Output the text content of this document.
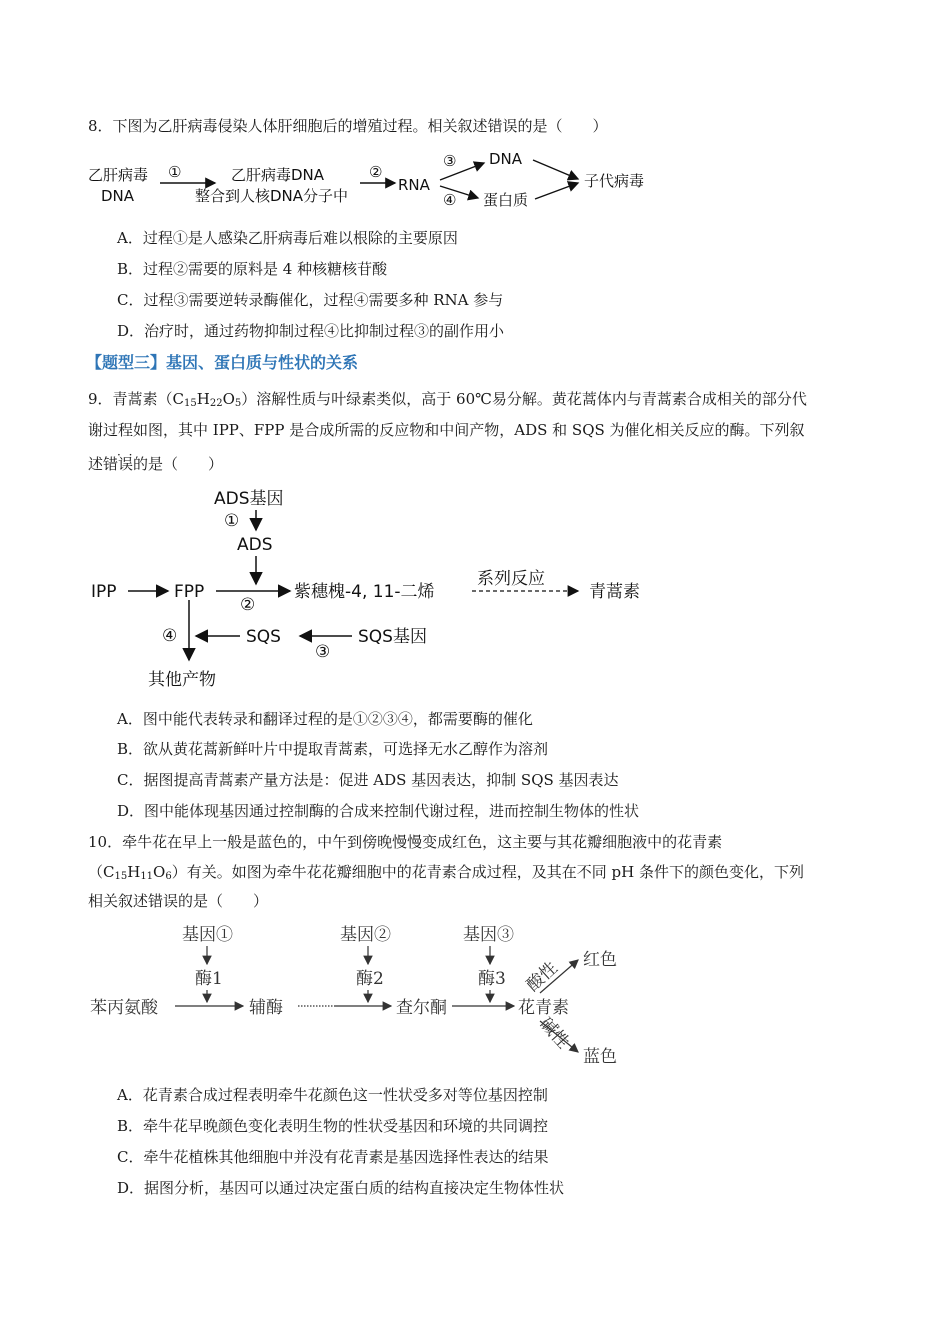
8．下图为乙肝病毒侵染人体肝细胞后的增殖过程。相关叙述错误的是（　　）
乙肝病毒
DNA
①	乙肝病毒DNA
整合到人核DNA分子中
②
RNA
③ DNA
④ 蛋白质
子代病毒
A．过程①是人感染乙肝病毒后难以根除的主要原因
B．过程②需要的原料是 4 种核糖核苷酸
C．过程③需要逆转录酶催化，过程④需要多种 RNA 参与
D．治疗时，通过药物抑制过程④比抑制过程③的副作用小
【题型三】基因、蛋白质与性状的关系
9．青蒿素$(C_{15}H_{22}O_5)$溶解性质与叶绿素类似，高于 60℃易分解。黄花蒿体内与青蒿素合成相关的部分代
谢过程如图，其中 IPP、FPP 是合成所需的反应物和中间产物，ADS 和 SQS 为催化相关反应的酶。下列叙
述错误 · ·的是（　　）
ADS基因
①
ADS
IPP	FPP
②
紫穗槐-4, 11-二烯
系列反应
青蒿素
④	SQS	SQS基因
③
其他产物
A．图中能代表转录和翻译过程的是①②③④，都需要酶的催化
B．欲从黄花蒿新鲜叶片中提取青蒿素，可选择无水乙醇作为溶剂
C．据图提高青蒿素产量方法是：促进 ADS 基因表达，抑制 SQS 基因表达
D．图中能体现基因通过控制酶的合成来控制代谢过程，进而控制生物体的性状
10．牵牛花在早上一般是蓝色的，中午到傍晚慢慢变成红色，这主要与其花瓣细胞液中的花青素
$(C_{15}H_{11}O_6)$有关。如图为牵牛花花瓣细胞中的花青素合成过程，及其在不同 pH 条件下的颜色变化，下列
相关叙述错误的是（　　）
基因①	基因②	基因③
酶1	酶2	酶3
苯丙氨酸	辅酶	查尔酮	花青素
酸性 红色
碱性
蓝色
A．花青素合成过程表明牵牛花颜色这一性状受多对等位基因控制
B．牵牛花早晚颜色变化表明生物的性状受基因和环境的共同调控
C．牵牛花植株其他细胞中并没有花青素是基因选择性表达的结果
D．据图分析，基因可以通过决定蛋白质的结构直接决定生物体性状
